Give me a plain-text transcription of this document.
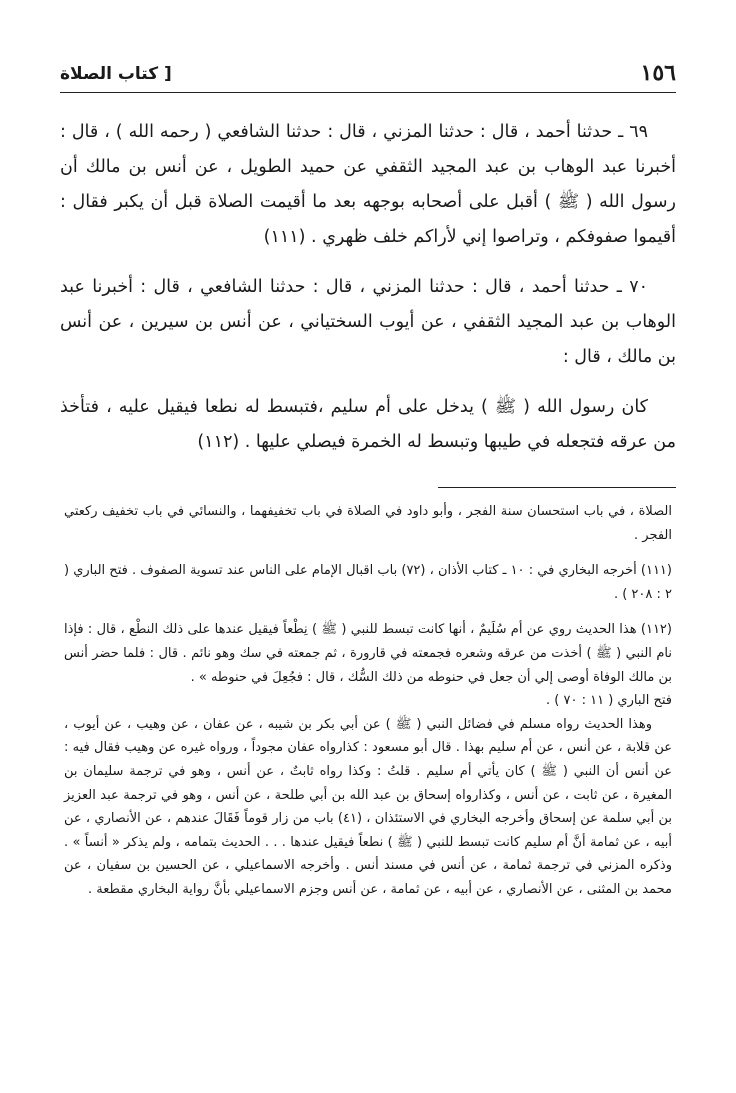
١٥٦
[ كتاب الصلاة

٦٩ ـ حدثنا أحمد ، قال : حدثنا المزني ، قال : حدثنا الشافعي ( رحمه الله ) ، قال : أخبرنا عبد الوهاب بن عبد المجيد الثقفي عن حميد الطويل ، عن أنس بن مالك أن رسول الله ( ﷺ ) أقبل على أصحابه بوجهه بعد ما أقيمت الصلاة قبل أن يكبر فقال : أقيموا صفوفكم ، وتراصوا إني لأراكم خلف ظهري . (١١١)

٧٠ ـ حدثنا أحمد ، قال : حدثنا المزني ، قال : حدثنا الشافعي ، قال : أخبرنا عبد الوهاب بن عبد المجيد الثقفي ، عن أيوب السختياني ، عن أنس بن سيرين ، عن أنس بن مالك ، قال :

كان رسول الله ( ﷺ ) يدخل على أم سليم ،فتبسط له نطعا فيقيل عليه ، فتأخذ من عرقه فتجعله في طيبها وتبسط له الخمرة فيصلي عليها . (١١٢)

الصلاة ، في باب استحسان سنة الفجر ، وأبو داود في الصلاة في باب تخفيفهما ، والنسائي في باب تخفيف ركعتي الفجر .

(١١١) أخرجه البخاري في : ١٠ ـ كتاب الأذان ، (٧٢) باب اقبال الإمام على الناس عند تسوية الصفوف . فتح الباري ( ٢ : ٢٠٨ ) .

(١١٢) هذا الحديث روي عن أم سُلَيمٌ ، أنها كانت تبسط للنبي ( ﷺ ) نِطْعاً فيقيل عندها على ذلك النطْع ، قال : فإذا نام النبي ( ﷺ ) أخذت من عرقه وشعره فجمعته في قارورة ، ثم جمعته في سك وهو نائم . قال : فلما حضر أنس بن مالك الوفاة أوصى إلي أن جعل في حنوطه من ذلك السُّك ، قال : فجُعِلَ في حنوطه » .

فتح الباري ( ١١ : ٧٠ ) .

وهذا الحديث رواه مسلم في فضائل النبي ( ﷺ ) عن أبي بكر بن شيبه ، عن عفان ، عن وهيب ، عن أيوب ، عن قلابة ، عن أنس ، عن أم سليم بهذا . قال أبو مسعود : كذارواه عفان مجوداً ، ورواه غيره عن وهيب فقال فيه : عن أنس أن النبي ( ﷺ ) كان يأتي أم سليم . قلتُ : وكذا رواه ثابتٌ ، عن أنس ، وهو في ترجمة سليمان بن المغيرة ، عن ثابت ، عن أنس ، وكذارواه إسحاق بن عبد الله بن أبي طلحة ، عن أنس ، وهو في ترجمة عبد العزيز بن أبي سلمة عن إسحاق وأخرجه البخاري في الاستئذان ، (٤١) باب من زار قوماً فَقَالَ عندهم ، عن الأنصاري ، عن أبيه ، عن ثمامة أنَّ أم سليم كانت تبسط للنبي ( ﷺ ) نطعاً فيقيل عندها . . . الحديث بتمامه ، ولم يذكر « أنساً » . وذكره المزني في ترجمة ثمامة ، عن أنس في مسند أنس . وأخرجه الاسماعيلي ، عن الحسين بن سفيان ، عن محمد بن المثنى ، عن الأنصاري ، عن أبيه ، عن ثمامة ، عن أنس وجزم الاسماعيلي بأنَّ رواية البخاري مقطعة .
